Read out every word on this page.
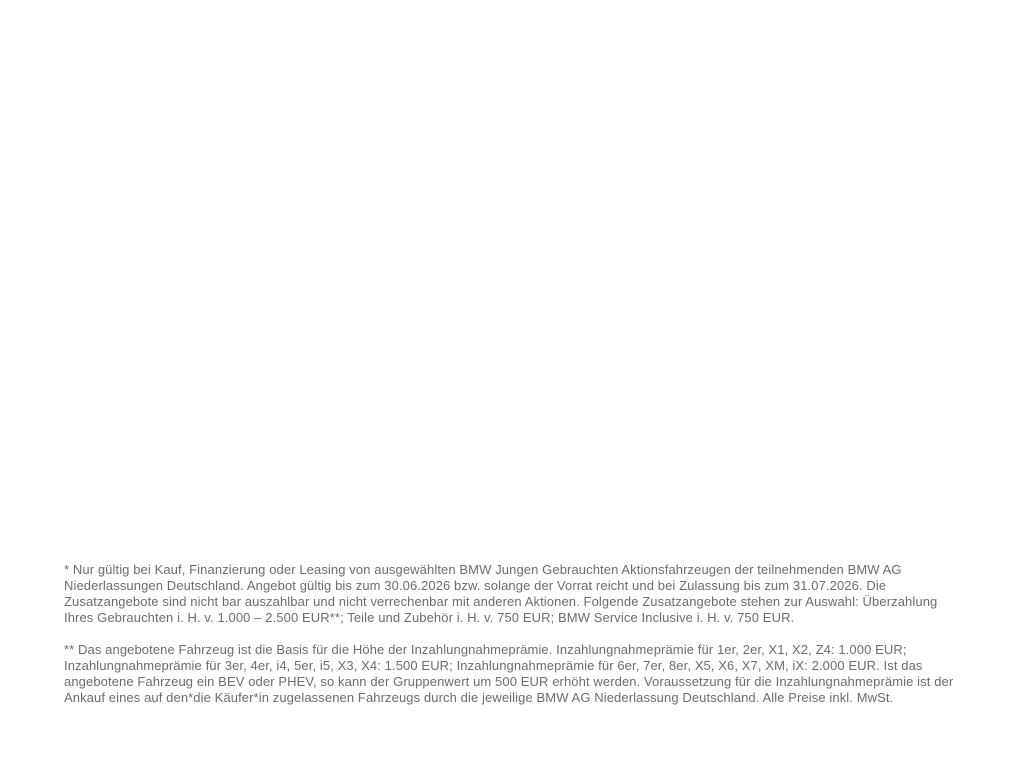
* Nur gültig bei Kauf, Finanzierung oder Leasing von ausgewählten BMW Jungen Gebrauchten Aktionsfahrzeugen der teilnehmenden BMW AG Niederlassungen Deutschland. Angebot gültig bis zum 30.06.2026 bzw. solange der Vorrat reicht und bei Zulassung bis zum 31.07.2026. Die Zusatzangebote sind nicht bar auszahlbar und nicht verrechenbar mit anderen Aktionen. Folgende Zusatzangebote stehen zur Auswahl: Überzahlung Ihres Gebrauchten i. H. v. 1.000 – 2.500 EUR**; Teile und Zubehör i. H. v. 750 EUR; BMW Service Inclusive i. H. v. 750 EUR.

** Das angebotene Fahrzeug ist die Basis für die Höhe der Inzahlungnahmeprämie. Inzahlungnahmeprämie für 1er, 2er, X1, X2, Z4: 1.000 EUR; Inzahlungnahmeprämie für 3er, 4er, i4, 5er, i5, X3, X4: 1.500 EUR; Inzahlungnahmeprämie für 6er, 7er, 8er, X5, X6, X7, XM, iX: 2.000 EUR. Ist das angebotene Fahrzeug ein BEV oder PHEV, so kann der Gruppenwert um 500 EUR erhöht werden. Voraussetzung für die Inzahlungnahmeprämie ist der Ankauf eines auf den*die Käufer*in zugelassenen Fahrzeugs durch die jeweilige BMW AG Niederlassung Deutschland. Alle Preise inkl. MwSt.
